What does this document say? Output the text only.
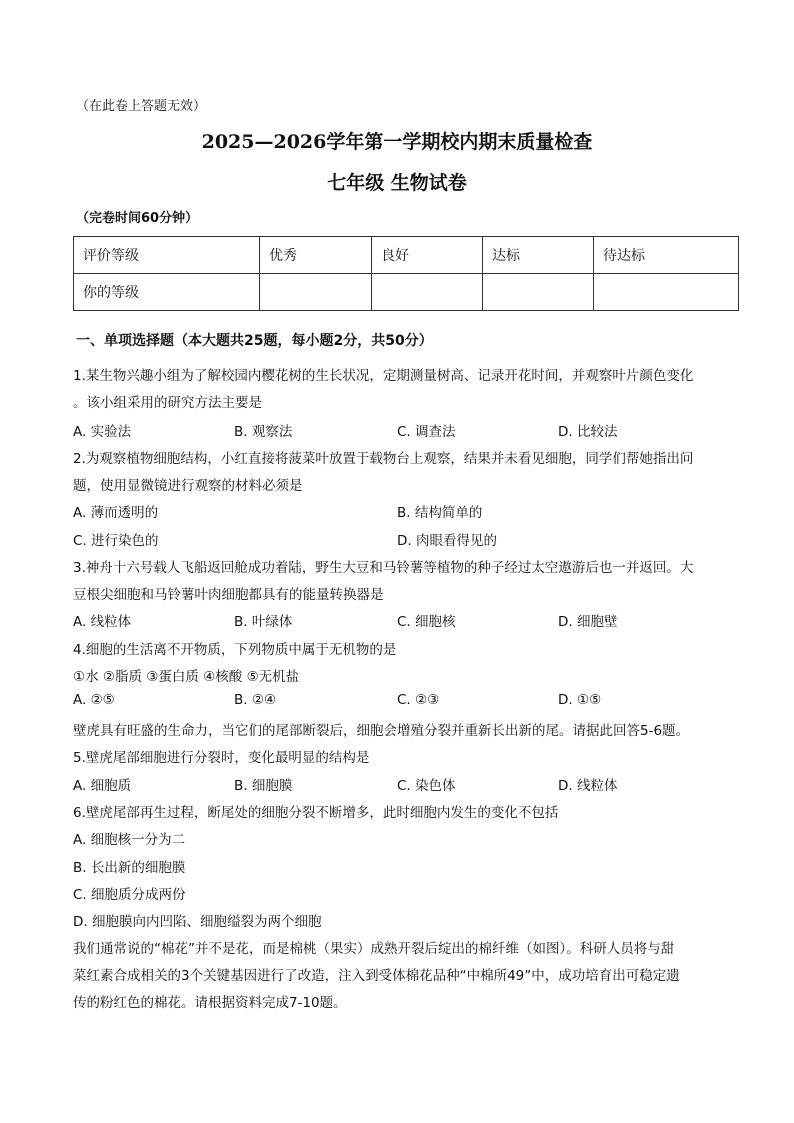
（在此卷上答题无效）
2025—2026学年第一学期校内期末质量检查
七年级 生物试卷
（完卷时间60分钟）
评价等级	优秀	良好	达标	待达标
你的等级				
一、单项选择题（本大题共25题，每小题2分，共50分）
1.某生物兴趣小组为了解校园内樱花树的生长状况，定期测量树高、记录开花时间，并观察叶片颜色变化
。该小组采用的研究方法主要是
A. 实验法	B. 观察法	C. 调查法	D. 比较法
2.为观察植物细胞结构，小红直接将菠菜叶放置于载物台上观察，结果并未看见细胞，同学们帮她指出问
题，使用显微镜进行观察的材料必须是
A. 薄而透明的	B. 结构简单的
C. 进行染色的	D. 肉眼看得见的
3.神舟十六号载人飞船返回舱成功着陆，野生大豆和马铃薯等植物的种子经过太空遨游后也一并返回。大
豆根尖细胞和马铃薯叶肉细胞都具有的能量转换器是
A. 线粒体	B. 叶绿体	C. 细胞核	D. 细胞壁
4.细胞的生活离不开物质，下列物质中属于无机物的是
①水 ②脂质 ③蛋白质 ④核酸 ⑤无机盐
A. ②⑤	B. ②④	C. ②③	D. ①⑤
壁虎具有旺盛的生命力，当它们的尾部断裂后，细胞会增殖分裂并重新长出新的尾。请据此回答5-6题。
5.壁虎尾部细胞进行分裂时，变化最明显的结构是
A. 细胞质	B. 细胞膜	C. 染色体	D. 线粒体
6.壁虎尾部再生过程，断尾处的细胞分裂不断增多，此时细胞内发生的变化不包括
A. 细胞核一分为二
B. 长出新的细胞膜
C. 细胞质分成两份
D. 细胞膜向内凹陷、细胞缢裂为两个细胞
我们通常说的“棉花”并不是花，而是棉桃（果实）成熟开裂后绽出的棉纤维（如图）。科研人员将与甜
菜红素合成相关的3个关键基因进行了改造，注入到受体棉花品种“中棉所49”中，成功培育出可稳定遗
传的粉红色的棉花。请根据资料完成7-10题。
